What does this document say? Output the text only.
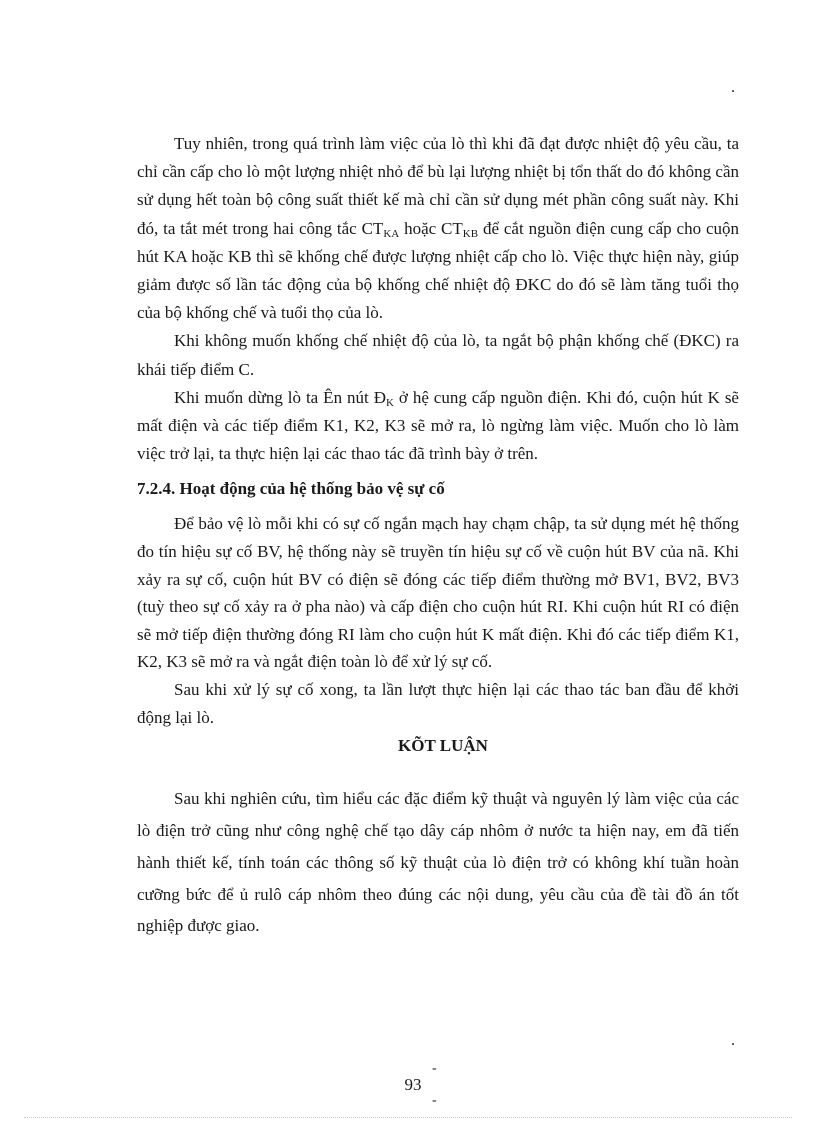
.

Tuy nhiên, trong quá trình làm việc của lò thì khi đã đạt được nhiệt độ yêu cầu, ta chỉ cần cấp cho lò một lượng nhiệt nhỏ để bù lại lượng nhiệt bị tổn thất do đó không cần sử dụng hết toàn bộ công suất thiết kế mà chỉ cần sử dụng mét phần công suất này. Khi đó, ta tắt mét trong hai công tắc $CT_{KA}$ hoặc $CT_{KB}$ để cắt nguồn điện cung cấp cho cuộn hút KA hoặc KB thì sẽ khống chế được lượng nhiệt cấp cho lò. Việc thực hiện này, giúp giảm được số lần tác động của bộ khống chế nhiệt độ ĐKC do đó sẽ làm tăng tuổi thọ của bộ khống chế và tuổi thọ của lò.

Khi không muốn khống chế nhiệt độ của lò, ta ngắt bộ phận khống chế (ĐKC) ra khái tiếp điểm C.

Khi muốn dừng lò ta Ên nút $Đ_K$ ở hệ cung cấp nguồn điện. Khi đó, cuộn hút K sẽ mất điện và các tiếp điểm K1, K2, K3 sẽ mở ra, lò ngừng làm việc. Muốn cho lò làm việc trở lại, ta thực hiện lại các thao tác đã trình bày ở trên.

7.2.4. Hoạt động của hệ thống bảo vệ sự cố

Để bảo vệ lò mỗi khi có sự cố ngắn mạch hay chạm chập, ta sử dụng mét hệ thống đo tín hiệu sự cố BV, hệ thống này sẽ truyền tín hiệu sự cố về cuộn hút BV của nã. Khi xảy ra sự cố, cuộn hút BV có điện sẽ đóng các tiếp điểm thường mở BV1, BV2, BV3 (tuỳ theo sự cố xảy ra ở pha nào) và cấp điện cho cuộn hút RI. Khi cuộn hút RI có điện sẽ mở tiếp điện thường đóng RI làm cho cuộn hút K mất điện. Khi đó các tiếp điểm K1, K2, K3 sẽ mở ra và ngắt điện toàn lò để xử lý sự cố.

Sau khi xử lý sự cố xong, ta lần lượt thực hiện lại các thao tác ban đầu để khởi động lại lò.

KÕT LUẬN

Sau khi nghiên cứu, tìm hiểu các đặc điểm kỹ thuật và nguyên lý làm việc của các lò điện trở cũng như công nghệ chế tạo dây cáp nhôm ở nước ta hiện nay, em đã tiến hành thiết kế, tính toán các thông số kỹ thuật của lò điện trở có không khí tuần hoàn cưỡng bức để ủ rulô cáp nhôm theo đúng các nội dung, yêu cầu của đề tài đồ án tốt nghiệp được giao.

.
-
93
-
